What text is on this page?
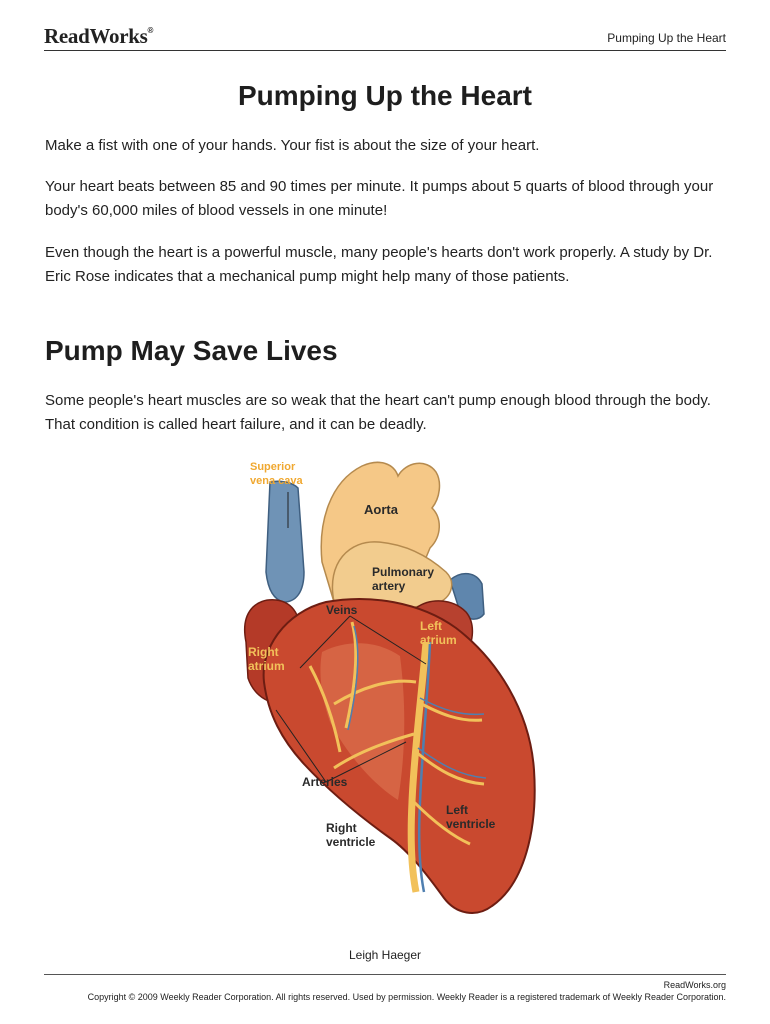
ReadWorks®
Pumping Up the Heart
Pumping Up the Heart

Make a fist with one of your hands. Your fist is about the size of your heart.

Your heart beats between 85 and 90 times per minute. It pumps about 5 quarts of blood through your body's 60,000 miles of blood vessels in one minute!

Even though the heart is a powerful muscle, many people's hearts don't work properly. A study by Dr. Eric Rose indicates that a mechanical pump might help many of those patients.

Pump May Save Lives

Some people's heart muscles are so weak that the heart can't pump enough blood through the body. That condition is called heart failure, and it can be deadly.

Superior
vena cava
Aorta
Pulmonary
artery
Veins
Left
atrium
Right
atrium
Arteries
Left
ventricle
Right
ventricle
Leigh Haeger
ReadWorks.org
Copyright © 2009 Weekly Reader Corporation. All rights reserved. Used by permission. Weekly Reader is a registered trademark of Weekly Reader Corporation.
